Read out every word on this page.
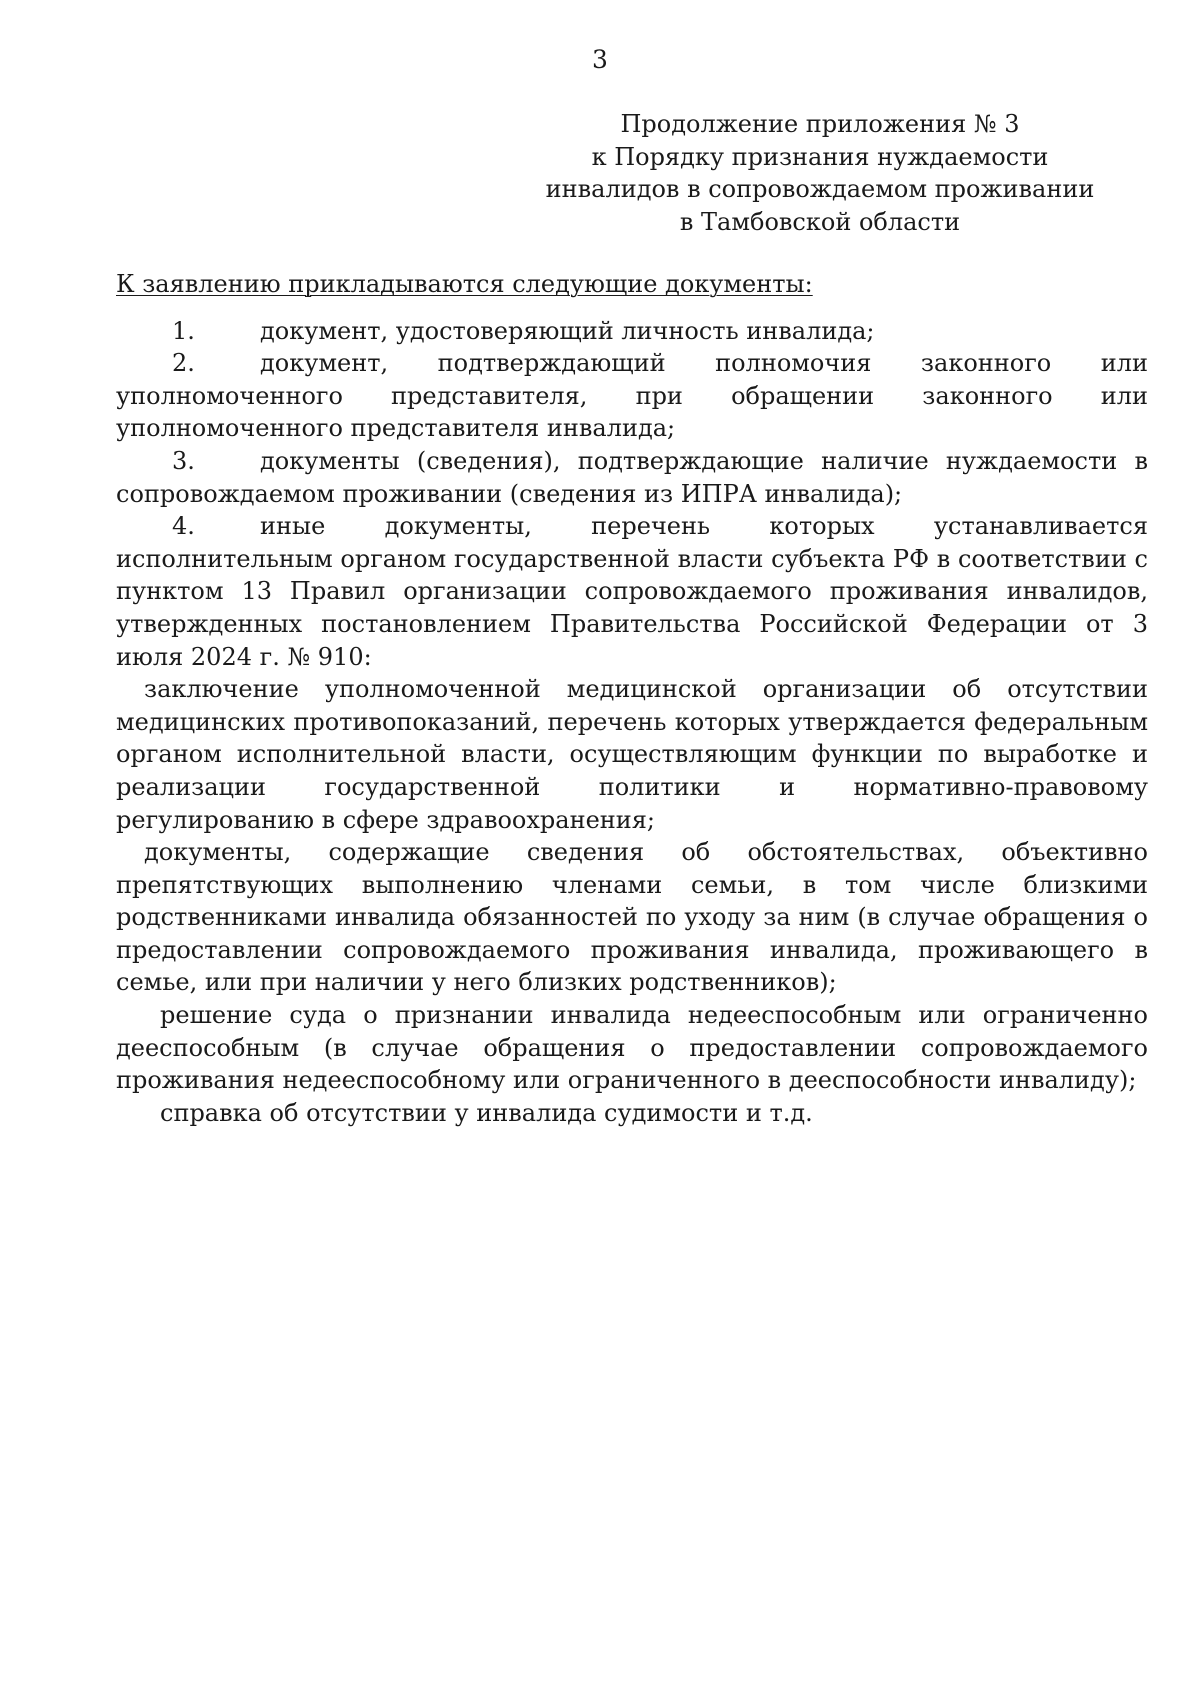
3
Продолжение приложения № 3
к Порядку признания нуждаемости
инвалидов в сопровождаемом проживании
в Тамбовской области

К заявлению прикладываются следующие документы:

1.	документ, удостоверяющий личность инвалида;

2.	документ, подтверждающий полномочия законного или уполномоченного представителя, при обращении законного или уполномоченного представителя инвалида;

3.	документы (сведения), подтверждающие наличие нуждаемости в сопровождаемом проживании (сведения из ИПРА инвалида);

4.	иные документы, перечень которых устанавливается исполнительным органом государственной власти субъекта РФ в соответствии с пунктом 13 Правил организации сопровождаемого проживания инвалидов, утвержденных постановлением Правительства Российской Федерации от 3 июля 2024 г. № 910:

заключение уполномоченной медицинской организации об отсутствии медицинских противопоказаний, перечень которых утверждается федеральным органом исполнительной власти, осуществляющим функции по выработке и реализации государственной политики и нормативно-правовому регулированию в сфере здравоохранения;

документы, содержащие сведения об обстоятельствах, объективно препятствующих выполнению членами семьи, в том числе близкими родственниками инвалида обязанностей по уходу за ним (в случае обращения о предоставлении сопровождаемого проживания инвалида, проживающего в семье, или при наличии у него близких родственников);

решение суда о признании инвалида недееспособным или ограниченно дееспособным (в случае обращения о предоставлении сопровождаемого проживания недееспособному или ограниченного в дееспособности инвалиду);

справка об отсутствии у инвалида судимости и т.д.
